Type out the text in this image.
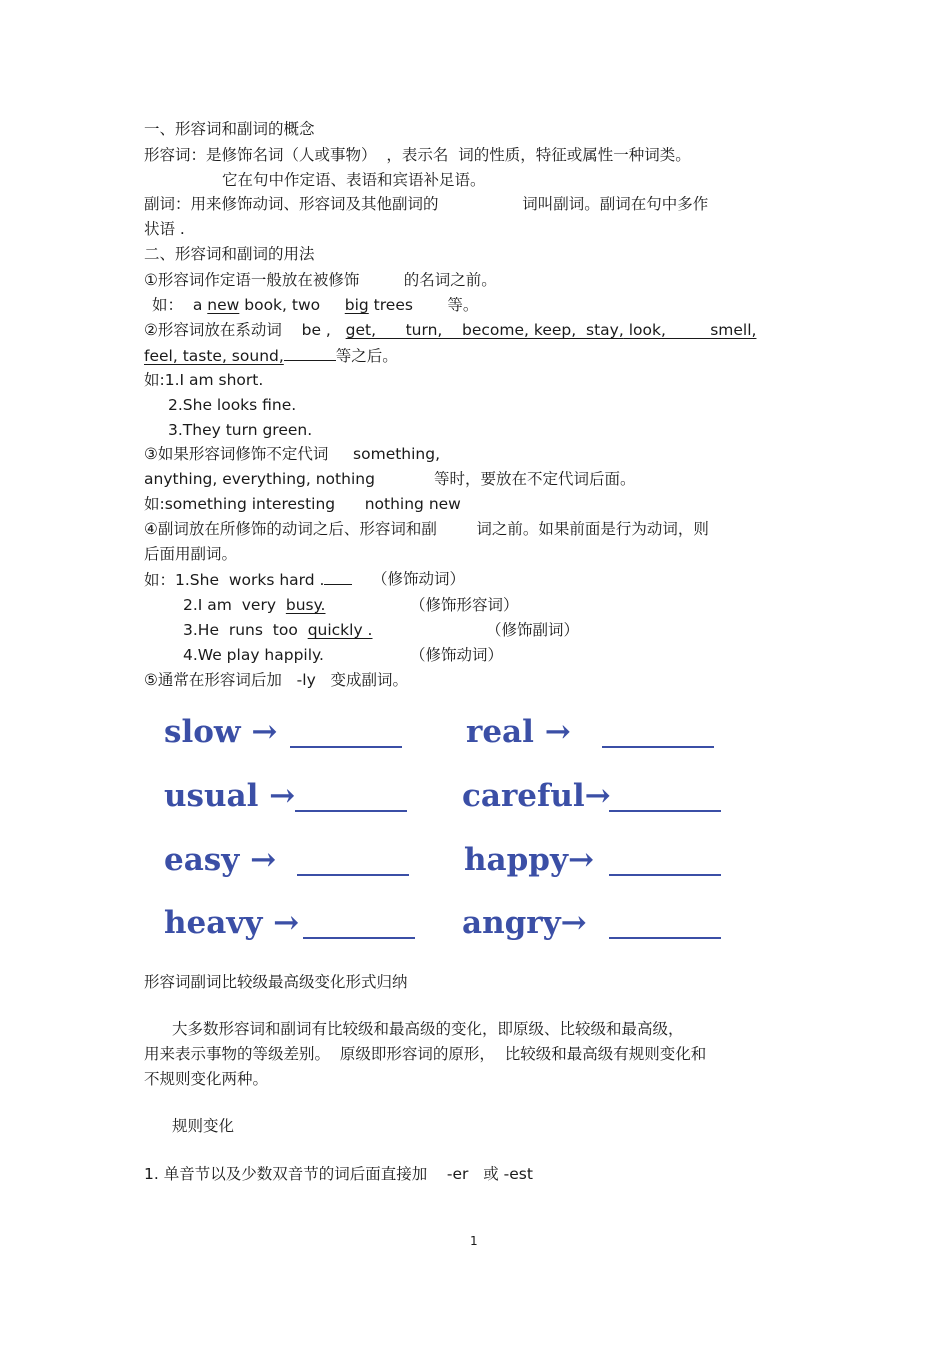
一、形容词和副词的概念
形容词：是修饰名词（人或事物）  ，表示名  词的性质，特征或属性一种词类。
它在句中作定语、表语和宾语补足语。
副词：用来修饰动词、形容词及其他副词的                 词叫副词。副词在句中多作
状语 .
二、形容词和副词的用法
①形容词作定语一般放在被修饰         的名词之前。
如：  a new book, two     big trees       等。
②形容词放在系动词    be ,   get,      turn,    become, keep,  stay, look,         smell,
feel, taste, sound,	等之后。
如:1.I am short.
2.She looks fine.
3.They turn green.
③如果形容词修饰不定代词     something,
anything, everything, nothing            等时，要放在不定代词后面。
如:something interesting      nothing new
④副词放在所修饰的动词之后、形容词和副        词之前。如果前面是行为动词，则
后面用副词。
如：1.She  works hard .	（修饰动词）
2.I am  very  busy.	（修饰形容词）
3.He  runs  too  quickly .	（修饰副词）
4.We play happily.	（修饰动词）
⑤通常在形容词后加   -ly   变成副词。
slow →	real →
usual →	careful→
easy →	happy→
heavy →	angry→
形容词副词比较级最高级变化形式归纳
大多数形容词和副词有比较级和最高级的变化，即原级、比较级和最高级，
用来表示事物的等级差别。  原级即形容词的原形，  比较级和最高级有规则变化和
不规则变化两种。
规则变化
1. 单音节以及少数双音节的词后面直接加    -er   或 -est
1
